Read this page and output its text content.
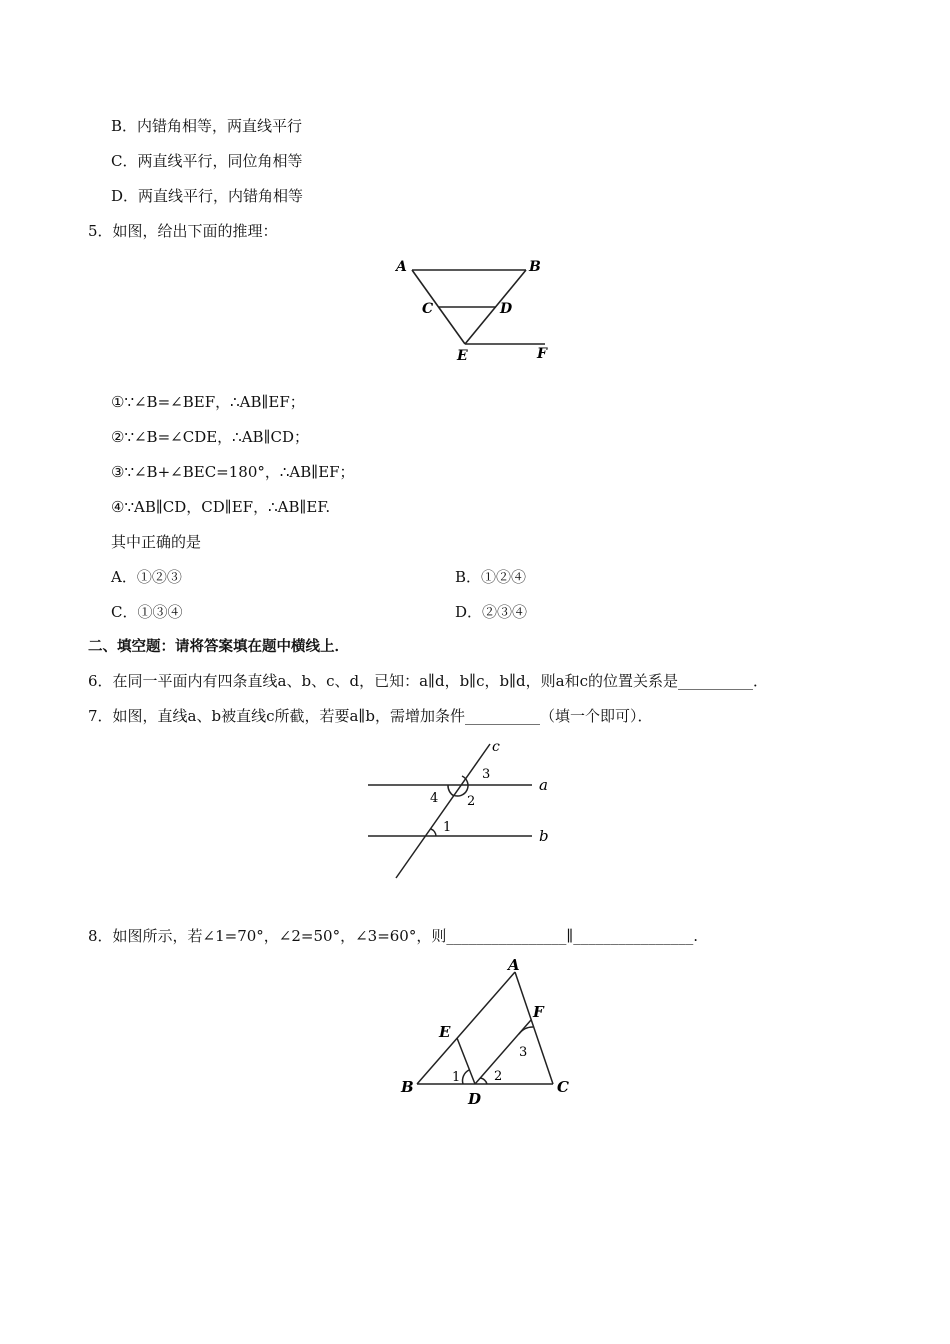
B．内错角相等，两直线平行
C．两直线平行，同位角相等
D．两直线平行，内错角相等
5．如图，给出下面的推理：
A	B
C	D
E	F
①∵∠B=∠BEF，∴AB∥EF；
②∵∠B=∠CDE，∴AB∥CD；
③∵∠B+∠BEC=180°，∴AB∥EF；
④∵AB∥CD，CD∥EF，∴AB∥EF.
其中正确的是
A．①②③	B．①②④
C．①③④	D．②③④
二、填空题：请将答案填在题中横线上．
6．在同一平面内有四条直线a、b、c、d，已知：a∥d，b∥c，b∥d，则a和c的位置关系是__________．
7．如图，直线a、b被直线c所截，若要a∥b，需增加条件__________（填一个即可）．
c
a
b
3
4 2
1
8．如图所示，若∠1=70°，∠2=50°，∠3=60°，则________________∥________________.
A
B	C
D
E
F
1	2
3
